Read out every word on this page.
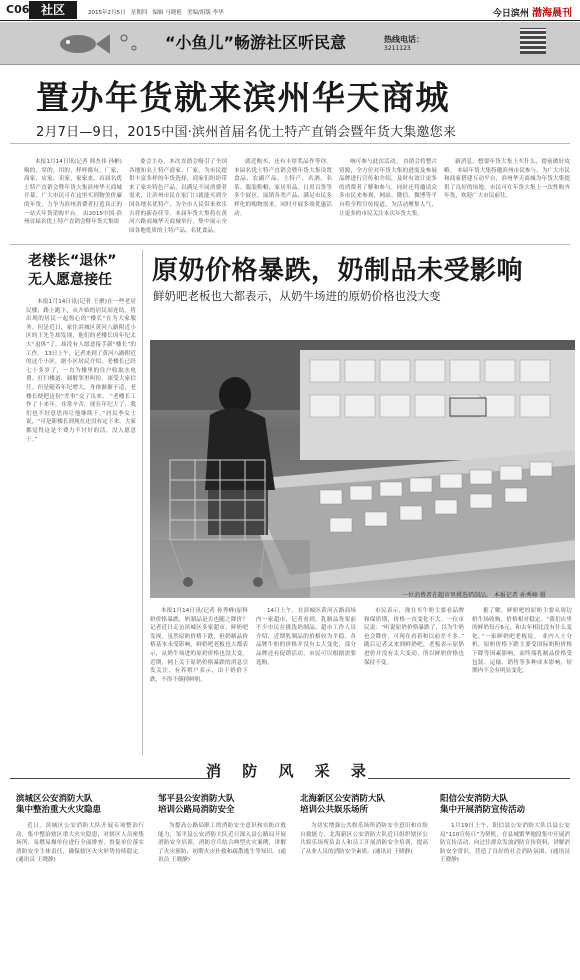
C06 社区	2015年2月5日   星期四   编辑 马晓艳   美编/组版 李华	今日滨州 渤海晨刊
“小鱼儿”畅游社区听民意	热线电话：
3211123
置办年货就来滨州华天商城
2月7日—9日，2015中国·滨州首届名优土特产直销会暨年货大集邀您来

本报1月14日讯(记者 韩杰伟 孙彬)喝的、穿的、用的，样样都有，厂家、商家、店家、卖家，家家来。首届名优土特产直销会暨年货大集滨州华天商城开幕，广大市民可在这里买到物美价廉的年货，力争为滨州消费者打造真正的一站式年货采购平台。 由2015中国·滨州首届名优土特产直销会暨年货大集组

委会主办，本次直销会吸引了全国各地知名土特产商家、厂家，为市民提供丰富多样的年货选择，商家们纷纷带来了家乡特色产品，以满足不同消费者需求，让滨州市民在家门口就能买到全国各地名优特产，为全市人民带来欢乐吉祥的新春佳节。本届年货大集将在黄河六路商城华天商城举行，集中展示全国各地优质的土特产品、名优食品。

就近购买，还有丰厚奖品作等你。本届名优土特产直销会暨年货大集设置食品、农副产品、土特产、名酒、名茶、服装鞋帽、家居用品、日用百货等多个展区，展销各类产品，满足市民多样化的购物需求，同时开展多项优惠活动。

响可参与此次活动。 直销会将整合资源，全方位对年货大集的进度及参展品牌进行宣传和介绍，及时有效让更多的消费者了解和参与，同时还将邀请众多市民来参观，网站、微信、微博等平台将全程宣传报道，为活动聚集人气，让更多的市民关注本次年货大集。

新消息，想要年货大集上买什么，提前做好攻略。 本届年货大集特邀滨州市民参与，为广大市民和商家搭建互动平台，滨州华天商城为年货大集提供了良好的场地，市民可在年货大集上一次性购齐年货，欢迎广大市民前往。

老楼长“退休”
无人愿意接任

本报1月14日讯(记者 王聚)在一些老居民楼，路上跑下，从开始的居民间连结，将出现的居民一起热心的“楼长”在为大家服务。但是近日，家住滨城区黄河八路附近小区的王先生却发现，他们的老楼长因年纪太大“退休”了，却没有人愿意接手新“楼长”的工作。 13日上午，记者来到了黄河八路附近的这个小区。据小区居民介绍，老楼长已经七十多岁了，一直为楼里的住户收取水电费、打扫楼道、调解邻里纠纷，深受大家信任。但是随着年纪增大，身体渐渐不适，老楼长便把这份“差事”交了出来。 “老楼长工作了十来年，非常辛苦，现在年纪大了，我们也不好意思再让他继续干。”居民李女士说，“可是新楼长到现在还没有定下来，大家都觉得这是个费力不讨好的活，没人愿意干。”

原奶价格暴跌，奶制品未受影响
鲜奶吧老板也大都表示，从奶牛场进的原奶价格也没大变
一位消费者在超市里挑选奶制品。 本报记者 孙秀峰 摄

本报1月14日讯(记者 孙秀峰)原料奶价格暴跌，奶制品是否也随之降价？记者近日走访滨城区多家超市、鲜奶吧发现，虽然原奶价格下跌，但奶制品价格基本未受影响，鲜奶吧老板也大都表示，从奶牛场进的原奶价格也没大变。 近期，网上关于原奶价格暴跌的消息引发关注，有养殖户表示，由于奶价下跌，不得不倒掉鲜奶。

14日上午，在滨城区黄河五路商场内一家超市，记者看到，乳制品货架前不少市民在挑选奶制品。超市工作人员介绍，近期乳制品的价格较为平稳，各品牌牛奶的价格并没有太大变化，部分品牌还有促销活动，市民可以根据需要选购。

市民表示，现在买牛奶主要看品牌和保质期，价格一直变化不大。一位市民说：“听说原奶价格暴跌了，以为牛奶也会降价，可现在看着和以前差不多。” 随后记者又来到鲜奶吧，老板表示原奶进价并没有太大变动，所以鲜奶价格也保持不变。

据了解，鲜奶吧的原奶主要从周边奶牛场收购，价格相对稳定。“我们店里的鲜奶每斤6元，和去年相比没有什么变化。”一家鲜奶吧老板说。 业内人士分析，原奶价格下跌主要受国际奶粉价格下降等因素影响，而终端乳制品价格受包装、运输、销售等多种成本影响，短期内不会有明显变化。

消 防 风 采 录
滨城区公安消防大队
集中整治重大火灾隐患

近日，滨城区公安消防大队开展专项整治行动，集中整治辖区重大火灾隐患，对辖区人员密集场所、易燃易爆单位进行全面排查，督促单位落实消防安全主体责任，确保辖区火灾形势持续稳定。(通讯员 王晓静)

邹平县公安消防大队
培训公路局消防安全

为提高公路局职工的消防安全意识和自防自救能力，邹平县公安消防大队近日深入县公路局开展消防安全培训，消防官兵结合典型火灾案例，讲解了火灾预防、初期火灾扑救和疏散逃生等知识。(通讯员 王晓静)

北海新区公安消防大队
培训公共娱乐场所

为切实增强公共娱乐场所消防安全意识和自防自救能力，北海新区公安消防大队近日组织辖区公共娱乐场所负责人和员工开展消防安全培训，提高了从业人员的消防安全素质。(通讯员 王晓静)

阳信公安消防大队
集中开展消防宣传活动

1月19日上午，阳信县公安消防大队以县公安局“110宣传日”为契机，在县城繁华地段集中开展消防宣传活动，向过往群众发放消防宣传资料，讲解消防安全常识，营造了良好的社会消防氛围。(通讯员 王晓静)
